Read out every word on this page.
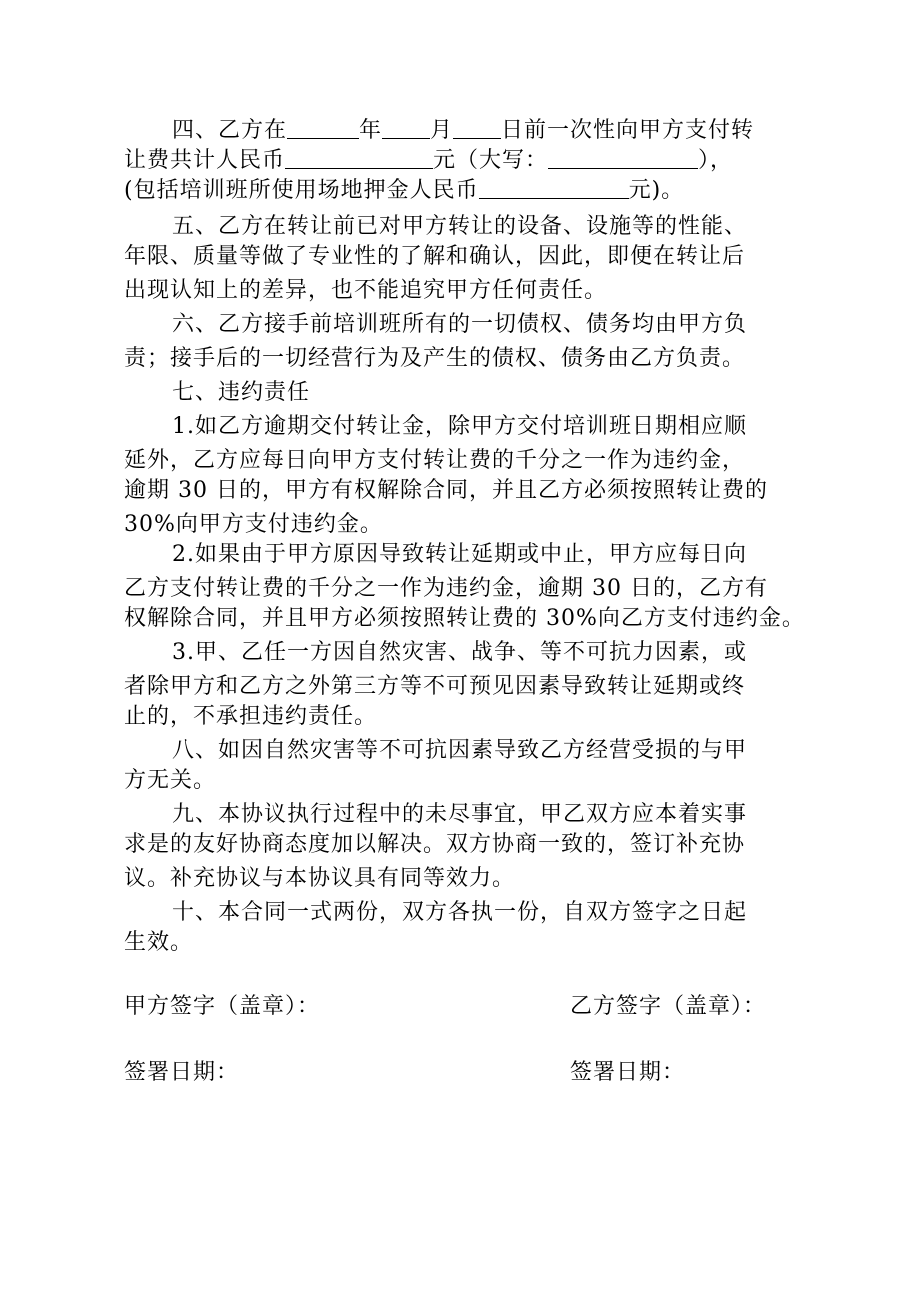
四、乙方在	年 月 日前一次性向甲方支付转
让费共计人民币	元（大写：	），
(包括培训班所使用场地押金人民币	元)。
五、乙方在转让前已对甲方转让的设备、设施等的性能、
年限、质量等做了专业性的了解和确认，因此，即便在转让后
出现认知上的差异，也不能追究甲方任何责任。
六、乙方接手前培训班所有的一切债权、债务均由甲方负
责；接手后的一切经营行为及产生的债权、债务由乙方负责。
七、违约责任
1.如乙方逾期交付转让金，除甲方交付培训班日期相应顺
延外，乙方应每日向甲方支付转让费的千分之一作为违约金，
逾期 30 日的，甲方有权解除合同，并且乙方必须按照转让费的
30%向甲方支付违约金。
2.如果由于甲方原因导致转让延期或中止，甲方应每日向
乙方支付转让费的千分之一作为违约金，逾期 30 日的，乙方有
权解除合同，并且甲方必须按照转让费的 30%向乙方支付违约金。
3.甲、乙任一方因自然灾害、战争、等不可抗力因素，或
者除甲方和乙方之外第三方等不可预见因素导致转让延期或终
止的，不承担违约责任。
八、如因自然灾害等不可抗因素导致乙方经营受损的与甲
方无关。
九、本协议执行过程中的未尽事宜，甲乙双方应本着实事
求是的友好协商态度加以解决。双方协商一致的，签订补充协
议。补充协议与本协议具有同等效力。
十、本合同一式两份，双方各执一份，自双方签字之日起
生效。
甲方签字（盖章）：	乙方签字（盖章）：
签署日期：	签署日期：
